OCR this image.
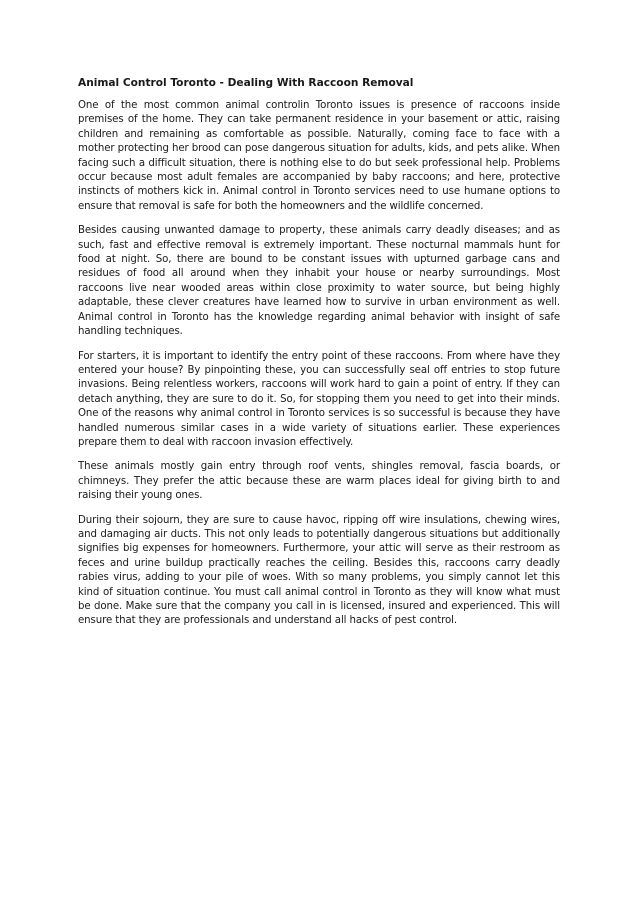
Animal Control Toronto - Dealing With Raccoon Removal

One of the most common animal controlin Toronto issues is presence of raccoons inside premises of the home. They can take permanent residence in your basement or attic, raising children and remaining as comfortable as possible. Naturally, coming face to face with a mother protecting her brood can pose dangerous situation for adults, kids, and pets alike. When facing such a difficult situation, there is nothing else to do but seek professional help. Problems occur because most adult females are accompanied by baby raccoons; and here, protective instincts of mothers kick in. Animal control in Toronto services need to use humane options to ensure that removal is safe for both the homeowners and the wildlife concerned.

Besides causing unwanted damage to property, these animals carry deadly diseases; and as such, fast and effective removal is extremely important. These nocturnal mammals hunt for food at night. So, there are bound to be constant issues with upturned garbage cans and residues of food all around when they inhabit your house or nearby surroundings. Most raccoons live near wooded areas within close proximity to water source, but being highly adaptable, these clever creatures have learned how to survive in urban environment as well. Animal control in Toronto has the knowledge regarding animal behavior with insight of safe handling techniques.

For starters, it is important to identify the entry point of these raccoons. From where have they entered your house? By pinpointing these, you can successfully seal off entries to stop future invasions. Being relentless workers, raccoons will work hard to gain a point of entry. If they can detach anything, they are sure to do it. So, for stopping them you need to get into their minds. One of the reasons why animal control in Toronto services is so successful is because they have handled numerous similar cases in a wide variety of situations earlier. These experiences prepare them to deal with raccoon invasion effectively.

These animals mostly gain entry through roof vents, shingles removal, fascia boards, or chimneys. They prefer the attic because these are warm places ideal for giving birth to and raising their young ones.

During their sojourn, they are sure to cause havoc, ripping off wire insulations, chewing wires, and damaging air ducts. This not only leads to potentially dangerous situations but additionally signifies big expenses for homeowners. Furthermore, your attic will serve as their restroom as feces and urine buildup practically reaches the ceiling. Besides this, raccoons carry deadly rabies virus, adding to your pile of woes. With so many problems, you simply cannot let this kind of situation continue. You must call animal control in Toronto as they will know what must be done. Make sure that the company you call in is licensed, insured and experienced. This will ensure that they are professionals and understand all hacks of pest control.
